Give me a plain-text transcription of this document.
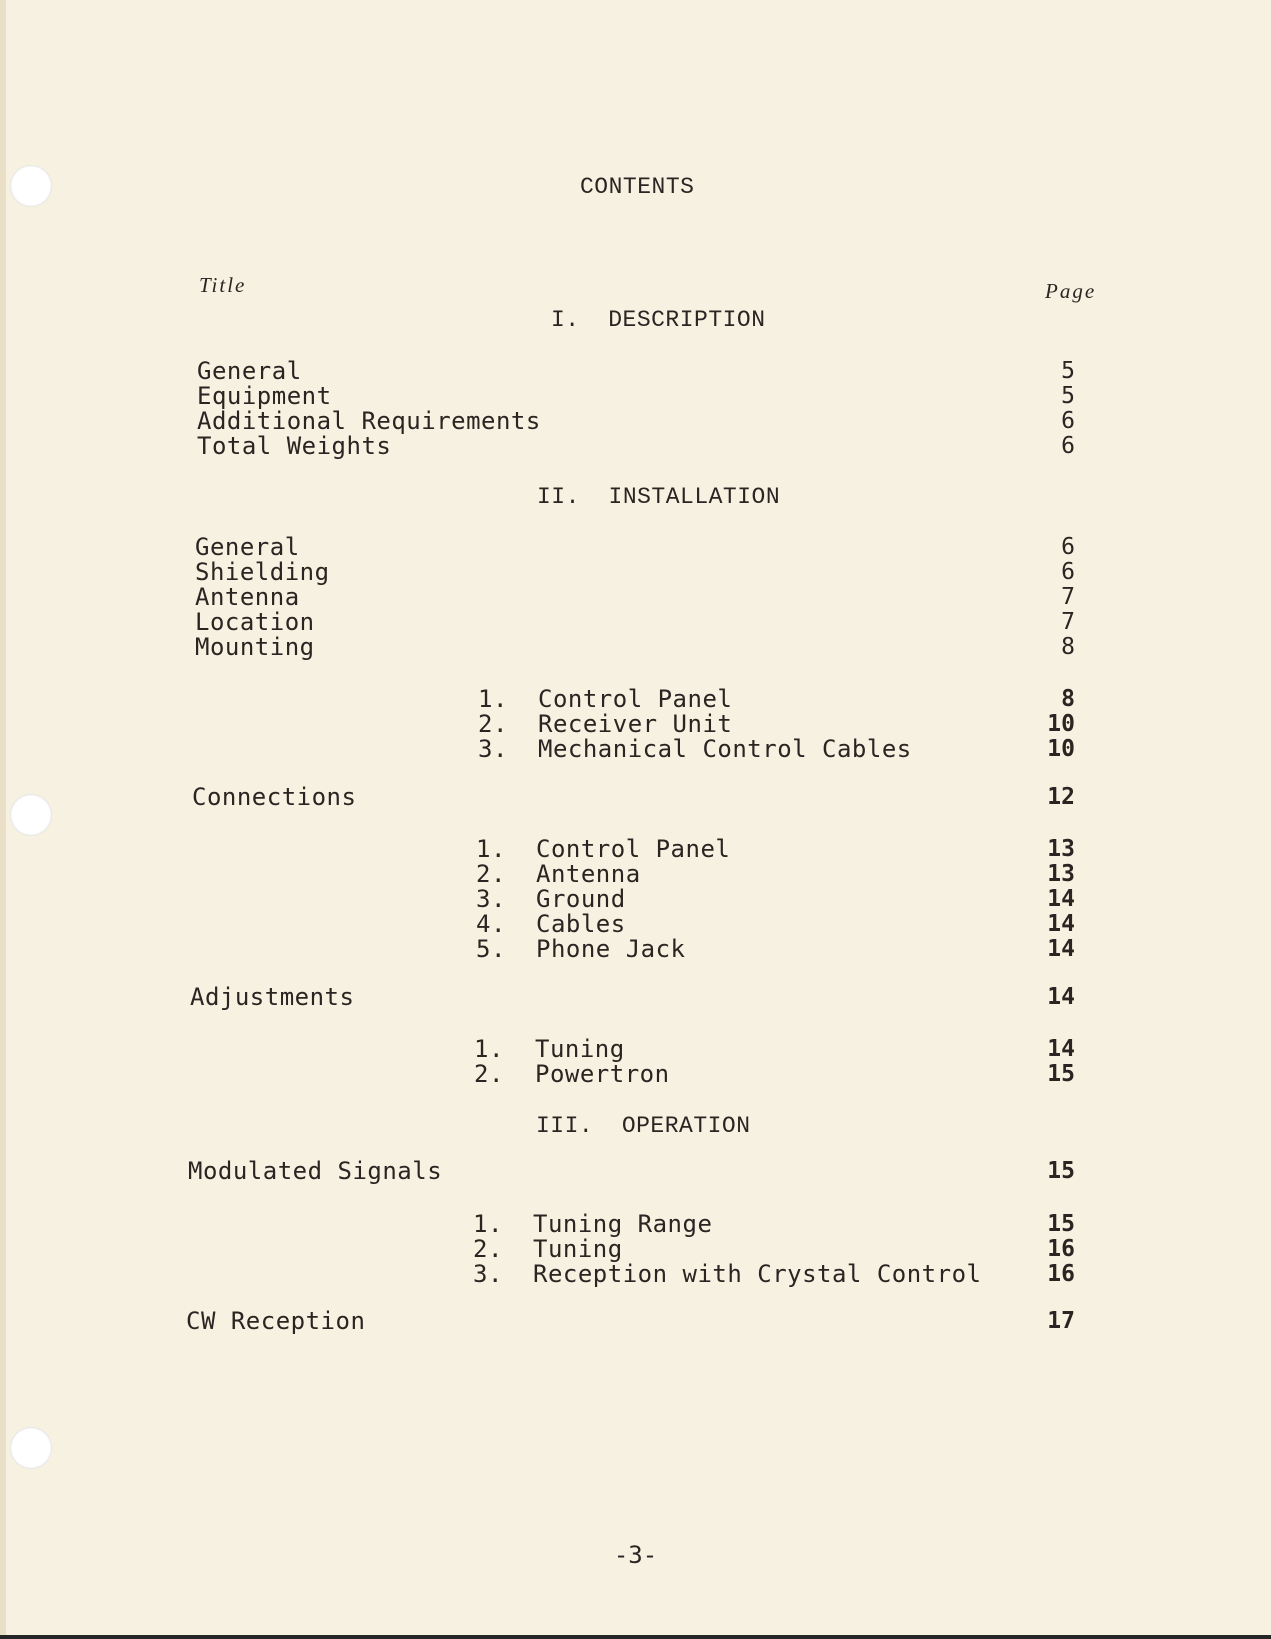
CONTENTS
Title	Page
I.  DESCRIPTION
II.  INSTALLATION
III.  OPERATION
General	5
Equipment	5
Additional Requirements	6
Total Weights	6
General	6
Shielding	6
Antenna	7
Location	7
Mounting	8
1. Control Panel	8
2. Receiver Unit	10
3. Mechanical Control Cables	10
Connections	12
1. Control Panel	13
2. Antenna	13
3. Ground	14
4. Cables	14
5. Phone Jack	14
Adjustments	14
1. Tuning	14
2. Powertron	15
Modulated Signals	15
1. Tuning Range	15
2. Tuning	16
3. Reception with Crystal Control	16
CW Reception	17
-3-
